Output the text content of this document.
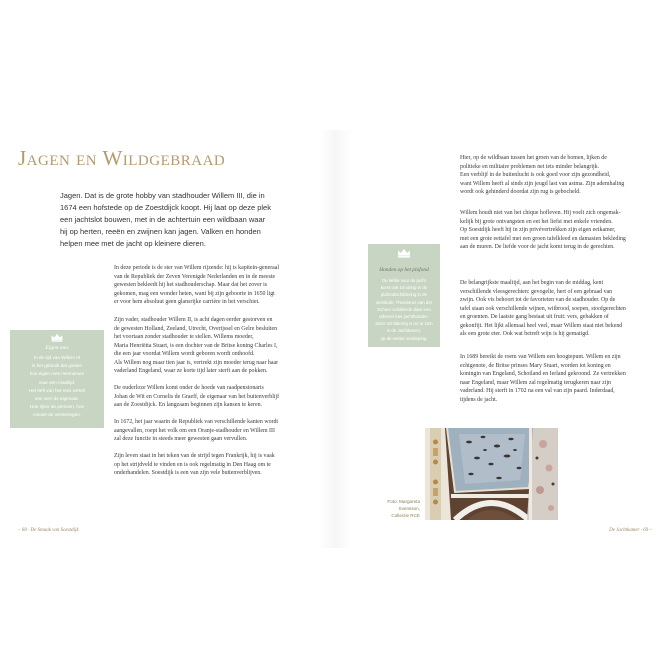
Jagen en Wildgebraad
Jagen. Dat is de grote hobby van stadhouder Willem III, die in
1674 een hofstede op de Zoestdijck koopt. Hij laat op deze plek
een jachtslot bouwen, met in de achtertuin een wildbaan waar
hij op herten, reeën en zwijnen kan jagen. Valken en honden
helpen mee met de jacht op kleinere dieren.
In deze periode is de ster van Willem rijzende: hij is kapitein-generaal
van de Republiek der Zeven Verenigde Nederlanden en in de meeste
gewesten bekleedt hij het stadhouderschap. Maar dat het zover is
gekomen, mag een wonder heten, want bij zijn geboorte in 1650 ligt
er voor hem absoluut geen glansrijke carrière in het verschiet.
Zijn vader, stadhouder Willem II, is acht dagen eerder gestorven en
de gewesten Holland, Zeeland, Utrecht, Overijssel en Gelre besluiten
het voortaan zonder stadhouder te stellen. Willems moeder,
Maria Henriëtta Stuart, is een dochter van de Britse koning Charles I,
die een jaar voordat Willem wordt geboren wordt onthoofd.
Als Willem nog maar tien jaar is, vertrekt zijn moeder terug naar haar
vaderland Engeland, waar ze korte tijd later sterft aan de pokken.
De ouderloze Willem komt onder de hoede van raadpensionaris
Johan de Wit en Cornelis de Graeff, de eigenaar van het buitenverblijf
aan de Zoestdijck. En langzaam beginnen zijn kansen te keren.
In 1672, het jaar waarin de Republiek van verschillende kanten wordt
aangevallen, roept het volk om een Oranje-stadhouder en Willem III
zal deze functie in steeds meer gewesten gaan vervullen.
Zijn leven staat in het teken van de strijd tegen Frankrijk, hij is vaak
op het strijdveld te vinden en is ook regelmatig in Den Haag om te
onderhandelen. Soestdijk is een van zijn vele buitenverblijven.
Eigen mes
In de tijd van Willem III
is het gebruik dat gasten
hun eigen mes meenamen
naar een maaltijd.
Het heft van het mes vertelt
iets over de eigenaar.
Hoe rijker de persoon, hoe
mooier de versieringen.
– 68 · De Smaak van Soestdijk
Honden op het plafond
De liefde voor de jacht
komt ook tot uiting in de
plafondschildering in de
vestibule. Theodorus van der
Schuer schilderde daar een
tafereel met jachthonden.
Deze schildering is nu te zien
in de Jachtkamer,
op de eerste verdieping.
Hier, op de wildbaan tussen het groen van de bomen, lijken de
politieke en militaire problemen net iets minder belangrijk.
Een verblijf in de buitenlucht is ook goed voor zijn gezondheid,
want Willem heeft al sinds zijn jeugd last van astma. Zijn ademhaling
wordt ook gehinderd doordat zijn rug is gebocheld.
Willem houdt niet van het chique hofleven. Hij voelt zich ongemak-
kelijk bij grote ontvangsten en eet het liefst met enkele vrienden.
Op Soestdijk heeft hij in zijn privévertrekken zijn eigen eetkamer,
met een grote eettafel met een groen tafelkleed en damasten bekleding
aan de muren. De liefde voor de jacht komt terug in de gerechten.
De belangrijkste maaltijd, aan het begin van de middag, kent
verschillende vleesgerechten: gevogelte, hert of een gebraad van
zwijn. Ook vis behoort tot de favorieten van de stadhouder. Op de
tafel staan ook verschillende wijnen, witbrood, soepen, stoofgerechten
en groenten. De laatste gang bestaat uit fruit: vers, gebakken of
gekonfijt. Het lijkt allemaal heel veel, maar Willem staat niet bekend
als een grote eter. Ook wat betreft wijn is hij gematigd.
In 1689 bereikt de roem van Willem een hoogtepunt. Willem en zijn
echtgenote, de Britse prinses Mary Stuart, worden tot koning en
koningin van Engeland, Schotland en Ierland gekroond. Ze vertrekken
naar Engeland, maar Willem zal regelmatig terugkeren naar zijn
vaderland. Hij sterft in 1702 na een val van zijn paard. Inderdaad,
tijdens de jacht.
Foto: Margareta
Svensson,
Collectie RCE
De Jachtkamer · 69 –
